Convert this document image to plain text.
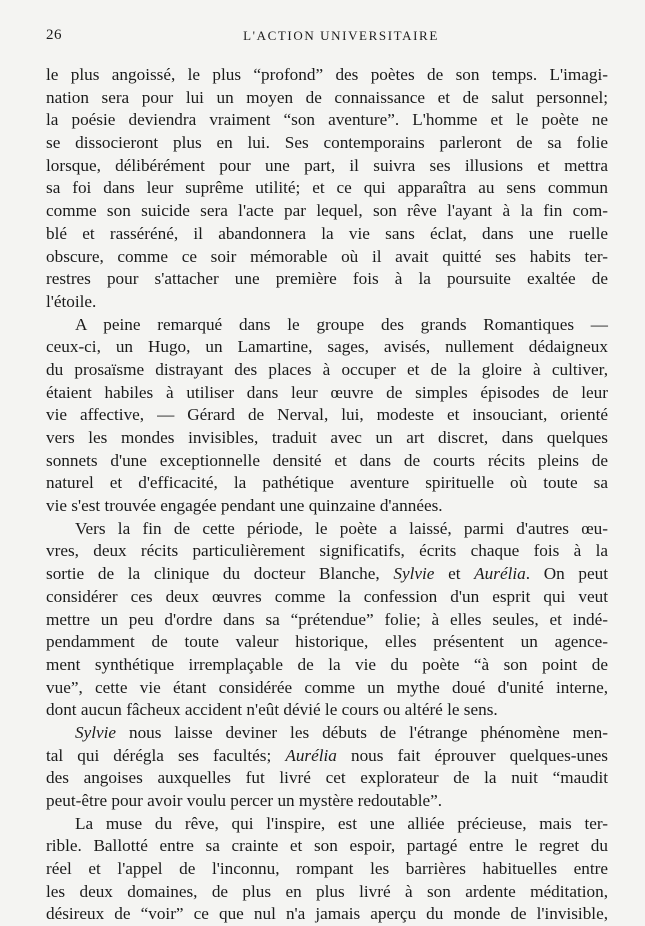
26	L'ACTION UNIVERSITAIRE

le plus angoissé, le plus “profond” des poètes de son temps. L'imagi-
nation sera pour lui un moyen de connaissance et de salut personnel;
la poésie deviendra vraiment “son aventure”. L'homme et le poète ne
se dissocieront plus en lui. Ses contemporains parleront de sa folie
lorsque, délibérément pour une part, il suivra ses illusions et mettra
sa foi dans leur suprême utilité; et ce qui apparaîtra au sens commun
comme son suicide sera l'acte par lequel, son rêve l'ayant à la fin com-
blé et rasséréné, il abandonnera la vie sans éclat, dans une ruelle
obscure, comme ce soir mémorable où il avait quitté ses habits ter-
restres pour s'attacher une première fois à la poursuite exaltée de
l'étoile.

A peine remarqué dans le groupe des grands Romantiques —
ceux-ci, un Hugo, un Lamartine, sages, avisés, nullement dédaigneux
du prosaïsme distrayant des places à occuper et de la gloire à cultiver,
étaient habiles à utiliser dans leur œuvre de simples épisodes de leur
vie affective, — Gérard de Nerval, lui, modeste et insouciant, orienté
vers les mondes invisibles, traduit avec un art discret, dans quelques
sonnets d'une exceptionnelle densité et dans de courts récits pleins de
naturel et d'efficacité, la pathétique aventure spirituelle où toute sa
vie s'est trouvée engagée pendant une quinzaine d'années.

Vers la fin de cette période, le poète a laissé, parmi d'autres œu-
vres, deux récits particulièrement significatifs, écrits chaque fois à la
sortie de la clinique du docteur Blanche, Sylvie et Aurélia. On peut
considérer ces deux œuvres comme la confession d'un esprit qui veut
mettre un peu d'ordre dans sa “prétendue” folie; à elles seules, et indé-
pendamment de toute valeur historique, elles présentent un agence-
ment synthétique irremplaçable de la vie du poète “à son point de
vue”, cette vie étant considérée comme un mythe doué d'unité interne,
dont aucun fâcheux accident n'eût dévié le cours ou altéré le sens.

Sylvie nous laisse deviner les débuts de l'étrange phénomène men-
tal qui dérégla ses facultés; Aurélia nous fait éprouver quelques-unes
des angoises auxquelles fut livré cet explorateur de la nuit “maudit
peut-être pour avoir voulu percer un mystère redoutable”.

La muse du rêve, qui l'inspire, est une alliée précieuse, mais ter-
rible. Ballotté entre sa crainte et son espoir, partagé entre le regret du
réel et l'appel de l'inconnu, rompant les barrières habituelles entre
les deux domaines, de plus en plus livré à son ardente méditation,
désireux de “voir” ce que nul n'a jamais aperçu du monde de l'invisible,
